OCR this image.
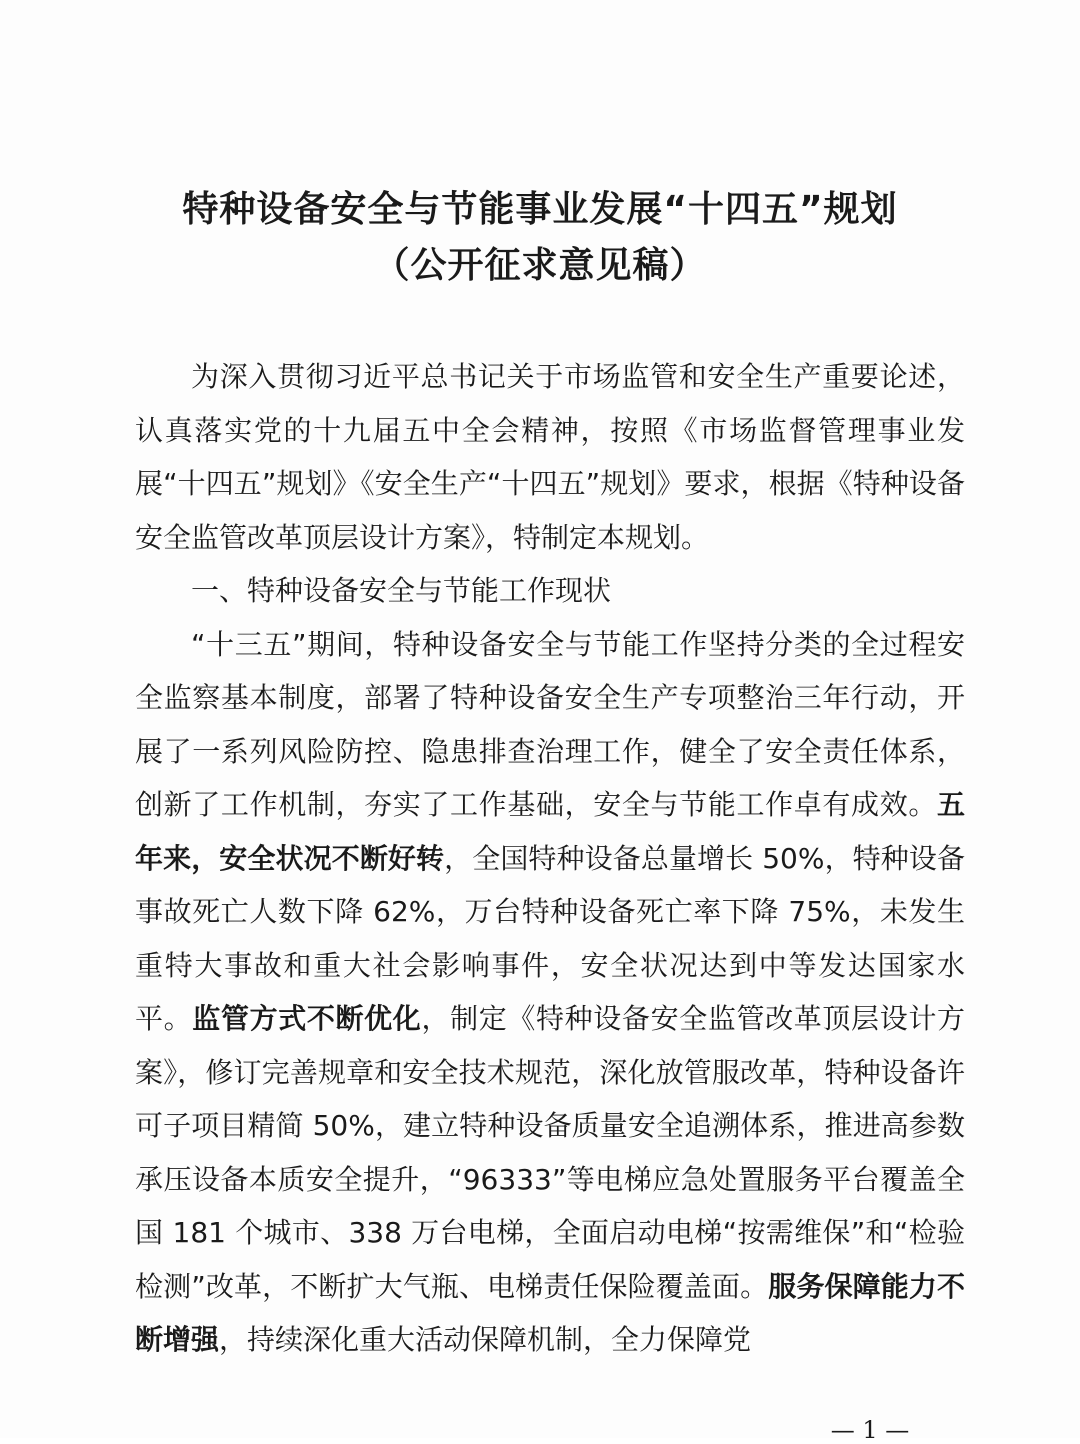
特种设备安全与节能事业发展“十四五”规划
（公开征求意见稿）

为深入贯彻习近平总书记关于市场监管和安全生产重要论述，认真落实党的十九届五中全会精神，按照《市场监督管理事业发展“十四五”规划》《安全生产“十四五”规划》要求，根据《特种设备安全监管改革顶层设计方案》，特制定本规划。

一、特种设备安全与节能工作现状

“十三五”期间，特种设备安全与节能工作坚持分类的全过程安全监察基本制度，部署了特种设备安全生产专项整治三年行动，开展了一系列风险防控、隐患排查治理工作，健全了安全责任体系，创新了工作机制，夯实了工作基础，安全与节能工作卓有成效。五年来，安全状况不断好转，全国特种设备总量增长 50%，特种设备事故死亡人数下降 62%，万台特种设备死亡率下降 75%，未发生重特大事故和重大社会影响事件，安全状况达到中等发达国家水平。监管方式不断优化，制定《特种设备安全监管改革顶层设计方案》，修订完善规章和安全技术规范，深化放管服改革，特种设备许可子项目精简 50%，建立特种设备质量安全追溯体系，推进高参数承压设备本质安全提升，“96333”等电梯应急处置服务平台覆盖全国 181 个城市、338 万台电梯，全面启动电梯“按需维保”和“检验检测”改革，不断扩大气瓶、电梯责任保险覆盖面。服务保障能力不断增强，持续深化重大活动保障机制，全力保障党

— 1 —
